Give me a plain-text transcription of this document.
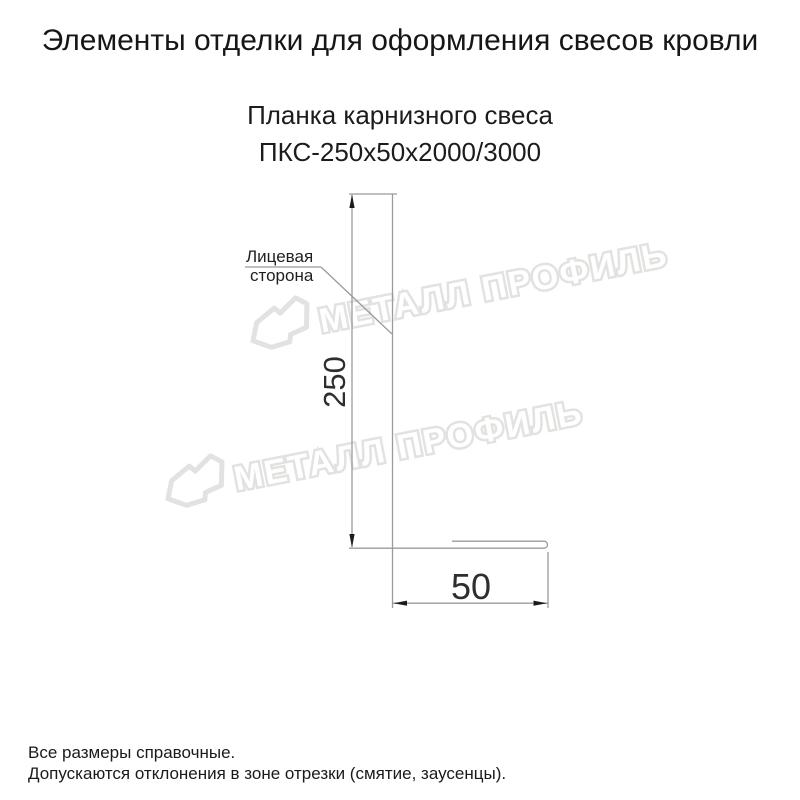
МЕТАЛЛ ПРОФИЛЬ
МЕТАЛЛ ПРОФИЛЬ
Элементы отделки для оформления свесов кровли
Планка карнизного свеса
ПКС-250х50х2000/3000
250
50
Лицевая
сторона
Все размеры справочные.
Допускаются отклонения в зоне отрезки (смятие, заусенцы).
